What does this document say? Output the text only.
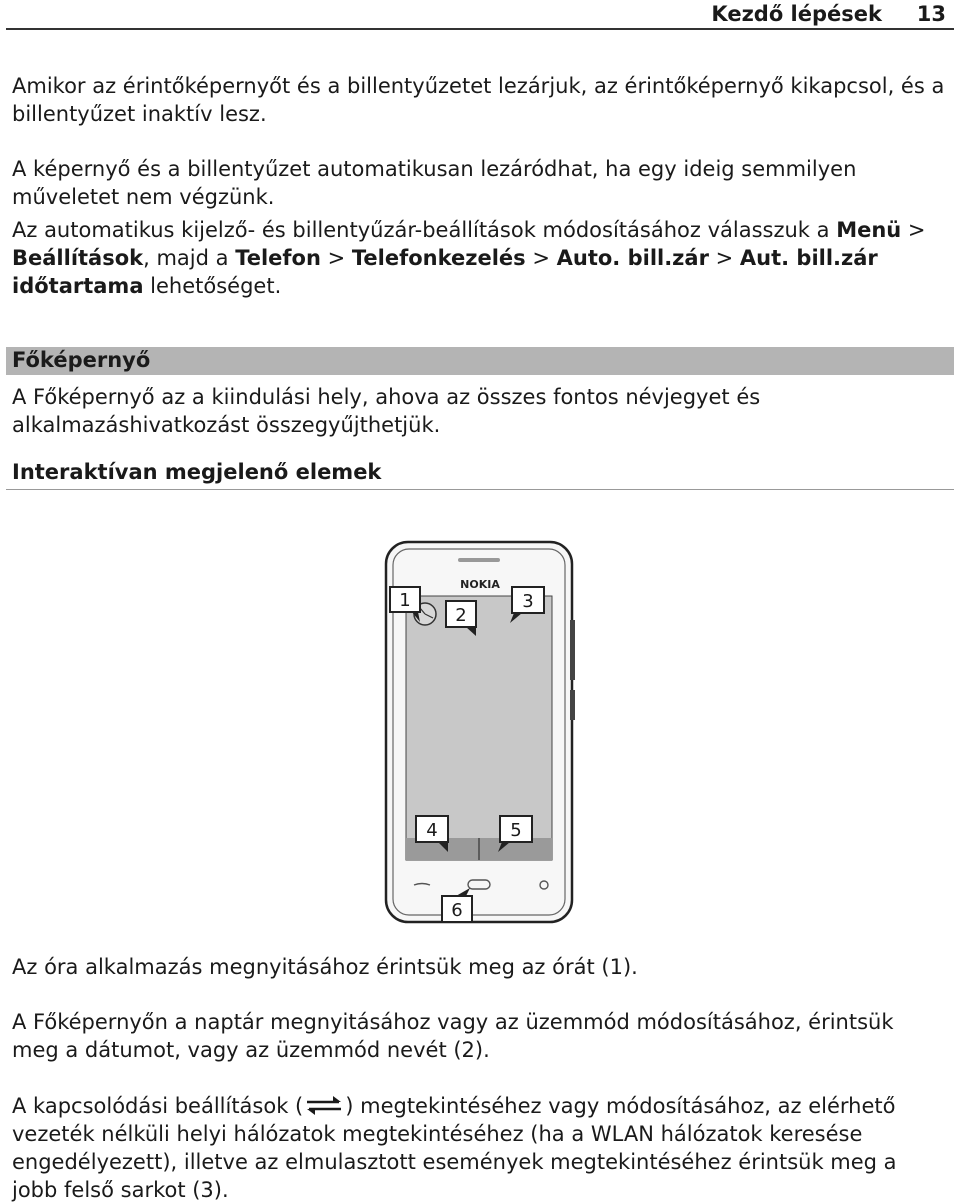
Kezdő lépések 13

Amikor az érintőképernyőt és a billentyűzetet lezárjuk, az érintőképernyő kikapcsol, és a billentyűzet inaktív lesz.

A képernyő és a billentyűzet automatikusan lezáródhat, ha egy ideig semmilyen

műveletet nem végzünk.

Az automatikus kijelző- és billentyűzár-beállítások módosításához válasszuk a Menü > Beállítások, majd a Telefon > Telefonkezelés > Auto. bill.zár > Aut. bill.zár időtartama lehetőséget.

Főképernyő

A Főképernyő az a kiindulási hely, ahova az összes fontos névjegyet és

alkalmazáshivatkozást összegyűjthetjük.

Interaktívan megjelenő elemek
NOKIA
1
2
3
4	5
6

Az óra alkalmazás megnyitásához érintsük meg az órát (1).

A Főképernyőn a naptár megnyitásához vagy az üzemmód módosításához, érintsük

meg a dátumot, vagy az üzemmód nevét (2).

A kapcsolódási beállítások ( ) megtekintéséhez vagy módosításához, az elérhető

vezeték nélküli helyi hálózatok megtekintéséhez (ha a WLAN hálózatok keresése

engedélyezett), illetve az elmulasztott események megtekintéséhez érintsük meg a

jobb felső sarkot (3).
